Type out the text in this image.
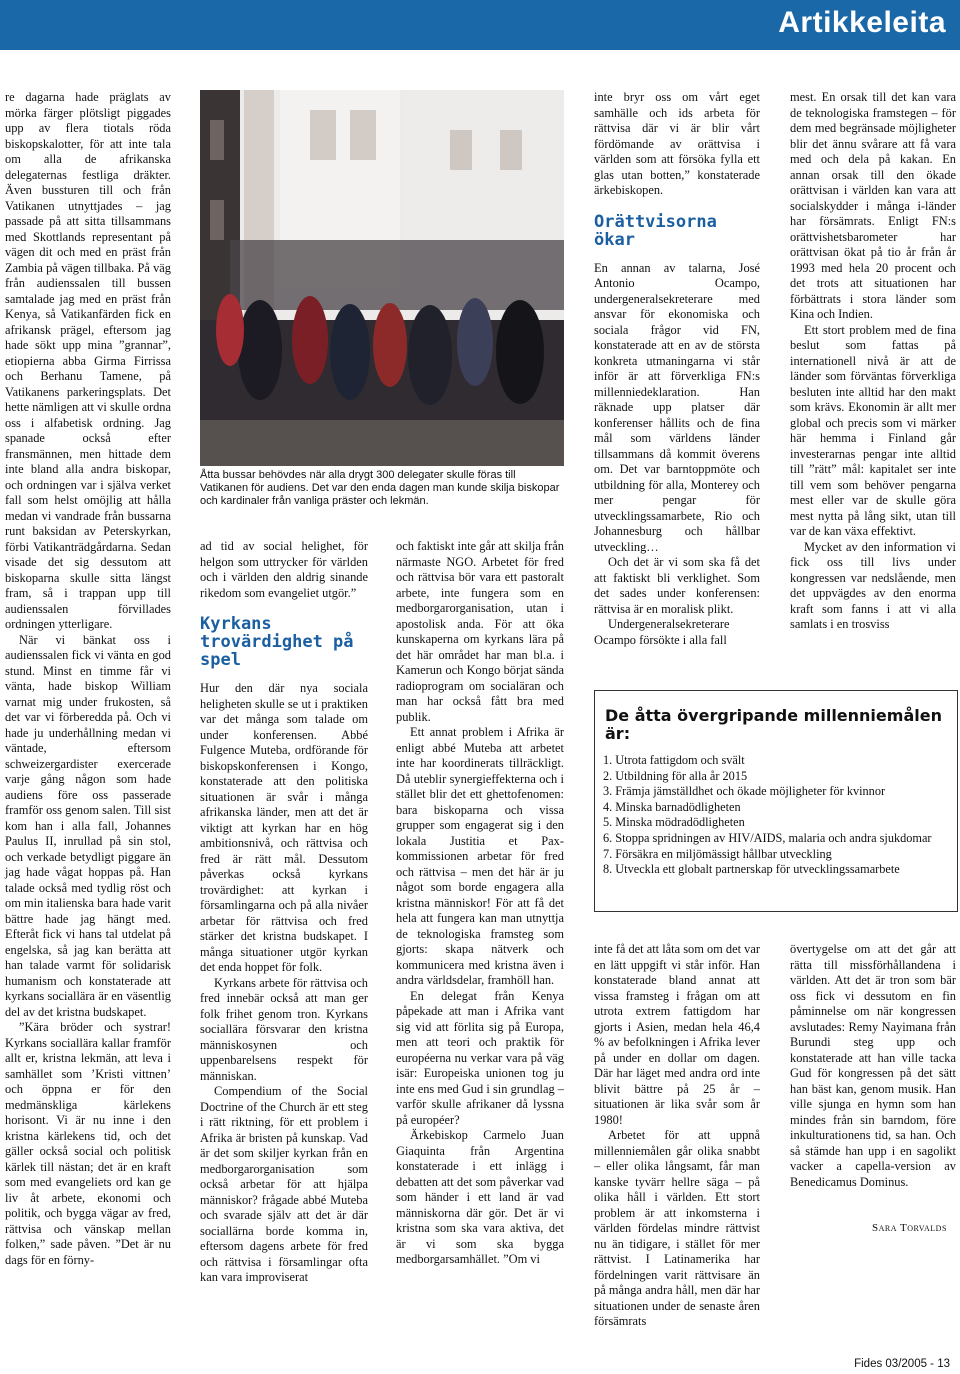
Artikkeleita

re dagarna hade präglats av mörka färger plötsligt piggades upp av flera tiotals röda biskopskalotter, för att inte tala om alla de afrikanska delegaternas festliga dräkter. Även bussturen till och från Vatikanen utnyttjades – jag passade på att sitta tillsammans med Skottlands representant på vägen dit och med en präst från Zambia på vägen tillbaka. På väg från audienssalen till bussen samtalade jag med en präst från Kenya, så Vatikanfärden fick en afrikansk prägel, eftersom jag hade sökt upp mina ”grannar”, etiopierna abba Girma Firrissa och Berhanu Tamene, på Vatikanens parkeringsplats. Det hette nämligen att vi skulle ordna oss i alfabetisk ordning. Jag spanade också efter fransmännen, men hittade dem inte bland alla andra biskopar, och ordningen var i själva verket fall som helst omöjlig att hålla medan vi vandrade från bussarna runt baksidan av Peterskyrkan, förbi Vatikanträdgårdarna. Sedan visade det sig dessutom att biskoparna skulle sitta längst fram, så i trappan upp till audienssalen förvillades ordningen ytterligare.

När vi bänkat oss i audienssalen fick vi vänta en god stund. Minst en timme får vi vänta, hade biskop William varnat mig under frukosten, så det var vi förberedda på. Och vi hade ju underhållning medan vi väntade, eftersom schweizergardister exercerade varje gång någon som hade audiens före oss passerade framför oss genom salen. Till sist kom han i alla fall, Johannes Paulus II, inrullad på sin stol, och verkade betydligt piggare än jag hade vågat hoppas på. Han talade också med tydlig röst och om min italienska bara hade varit bättre hade jag hängt med. Efteråt fick vi hans tal utdelat på engelska, så jag kan berätta att han talade varmt för solidarisk humanism och konstaterade att kyrkans sociallära är en väsentlig del av det kristna budskapet.

”Kära bröder och systrar! Kyrkans sociallära kallar framför allt er, kristna lekmän, att leva i samhället som ’Kristi vittnen’ och öppna er för den medmänskliga kärlekens horisont. Vi är nu inne i den kristna kärlekens tid, och det gäller också social och politisk kärlek till nästan; det är en kraft som med evangeliets ord kan ge liv åt arbete, ekonomi och politik, och bygga vägar av fred, rättvisa och vänskap mellan folken,” sade påven. ”Det är nu dags för en förny-

Åtta bussar behövdes när alla drygt 300 delegater skulle föras till Vatikanen för audiens. Det var den enda dagen man kunde skilja biskopar och kardinaler från vanliga präster och lekmän.

ad tid av social helighet, för helgon som uttrycker för världen och i världen den aldrig sinande rikedom som evangeliet utgör.”

Kyrkans trovärdighet på spel

Hur den där nya sociala heligheten skulle se ut i praktiken var det många som talade om under konferensen. Abbé Fulgence Muteba, ordförande för biskopskonferensen i Kongo, konstaterade att den politiska situationen är svår i många afrikanska länder, men att det är viktigt att kyrkan har en hög ambitionsnivå, och rättvisa och fred är rätt mål. Dessutom påverkas också kyrkans trovärdighet: att kyrkan i församlingarna och på alla nivåer arbetar för rättvisa och fred stärker det kristna budskapet. I många situationer utgör kyrkan det enda hoppet för folk.

Kyrkans arbete för rättvisa och fred innebär också att man ger folk frihet genom tron. Kyrkans sociallära försvarar den kristna människosynen och uppenbarelsens respekt för människan.

Compendium of the Social Doctrine of the Church är ett steg i rätt riktning, för ett problem i Afrika är bristen på kunskap. Vad är det som skiljer kyrkan från en medborgarorganisation som också arbetar för att hjälpa människor? frågade abbé Muteba och svarade själv att det är där sociallärna borde komma in, eftersom dagens arbete för fred och rättvisa i församlingar ofta kan vara improviserat

och faktiskt inte går att skilja från närmaste NGO. Arbetet för fred och rättvisa bör vara ett pastoralt arbete, inte fungera som en medborgarorganisation, utan i apostolisk anda. För att öka kunskaperna om kyrkans lära på det här området har man bl.a. i Kamerun och Kongo börjat sända radioprogram om socialäran och man har också fått bra med publik.

Ett annat problem i Afrika är enligt abbé Muteba att arbetet inte har koordinerats tillräckligt. Då uteblir synergieffekterna och i stället blir det ett ghettofenomen: bara biskoparna och vissa grupper som engagerat sig i den lokala Justitia et Pax-kommissionen arbetar för fred och rättvisa – men det här är ju något som borde engagera alla kristna människor! För att få det hela att fungera kan man utnyttja de teknologiska framsteg som gjorts: skapa nätverk och kommunicera med kristna även i andra världsdelar, framhöll han.

En delegat från Kenya påpekade att man i Afrika vant sig vid att förlita sig på Europa, men att teori och praktik för européerna nu verkar vara på väg isär: Europeiska unionen tog ju inte ens med Gud i sin grundlag – varför skulle afrikaner då lyssna på européer?

Ärkebiskop Carmelo Juan Giaquinta från Argentina konstaterade i ett inlägg i debatten att det som påverkar vad som händer i ett land är vad människorna där gör. Det är vi kristna som ska vara aktiva, det är vi som ska bygga medborgarsamhället. ”Om vi

inte bryr oss om vårt eget samhälle och ids arbeta för rättvisa där vi är blir vårt fördömande av orättvisa i världen som att försöka fylla ett glas utan botten,” konstaterade ärkebiskopen.

Orättvisorna ökar

En annan av talarna, José Antonio Ocampo, undergeneralsekreterare med ansvar för ekonomiska och sociala frågor vid FN, konstaterade att en av de största konkreta utmaningarna vi står inför är att förverkliga FN:s millenniedeklaration. Han räknade upp platser där konferenser hållits och de fina mål som världens länder tillsammans då kommit överens om. Det var barntoppmöte och utbildning för alla, Monterey och mer pengar för utvecklingssamarbete, Rio och Johannesburg och hållbar utveckling…

Och det är vi som ska få det att faktiskt bli verklighet. Som det sades under konferensen: rättvisa är en moralisk plikt.

Undergeneralsekreterare Ocampo försökte i alla fall

mest. En orsak till det kan vara de teknologiska framstegen – för dem med begränsade möjligheter blir det ännu svårare att få vara med och dela på kakan. En annan orsak till den ökade orättvisan i världen kan vara att socialskydder i många i-länder har försämrats. Enligt FN:s orättvishetsbarometer har orättvisan ökat på tio år från år 1993 med hela 20 procent och det trots att situationen har förbättrats i stora länder som Kina och Indien.

Ett stort problem med de fina beslut som fattas på internationell nivå är att de länder som förväntas förverkliga besluten inte alltid har den makt som krävs. Ekonomin är allt mer global och precis som vi märker här hemma i Finland går investerarnas pengar inte alltid till ”rätt” mål: kapitalet ser inte till vem som behöver pengarna mest eller var de skulle göra mest nytta på lång sikt, utan till var de kan växa effektivt.

Mycket av den information vi fick oss till livs under kongressen var nedslående, men det uppvägdes av den enorma kraft som fanns i att vi alla samlats i en trosviss

De åtta övergripande millenniemålen är:
1. Utrota fattigdom och svält
2. Utbildning för alla år 2015
3. Främja jämställdhet och ökade möjligheter för kvinnor
4. Minska barnadödligheten
5. Minska mödradödligheten
6. Stoppa spridningen av HIV/AIDS, malaria och andra sjukdomar
7. Försäkra en miljömässigt hållbar utveckling
8. Utveckla ett globalt partnerskap för utvecklingssamarbete

inte få det att låta som om det var en lätt uppgift vi står inför. Han konstaterade bland annat att vissa framsteg i frågan om att utrota extrem fattigdom har gjorts i Asien, medan hela 46,4 % av befolkningen i Afrika lever på under en dollar om dagen. Där har läget med andra ord inte blivit bättre på 25 år – situationen är lika svår som år 1980!

Arbetet för att uppnå millenniemålen går olika snabbt – eller olika långsamt, får man kanske tyvärr hellre säga – på olika håll i världen. Ett stort problem är att inkomsterna i världen fördelas mindre rättvist nu än tidigare, i stället för mer rättvist. I Latinamerika har fördelningen varit rättvisare än på många andra håll, men där har situationen under de senaste åren försämrats

övertygelse om att det går att rätta till missförhållandena i världen. Att det är tron som bär oss fick vi dessutom en fin påminnelse om när kongressen avslutades: Remy Nayimana från Burundi steg upp och konstaterade att han ville tacka Gud för kongressen på det sätt han bäst kan, genom musik. Han ville sjunga en hymn som han mindes från sin barndom, före inkulturationens tid, sa han. Och så stämde han upp i en sagolikt vacker a capella-version av Benedicamus Dominus.

Sara Torvalds
Fides 03/2005 - 13
